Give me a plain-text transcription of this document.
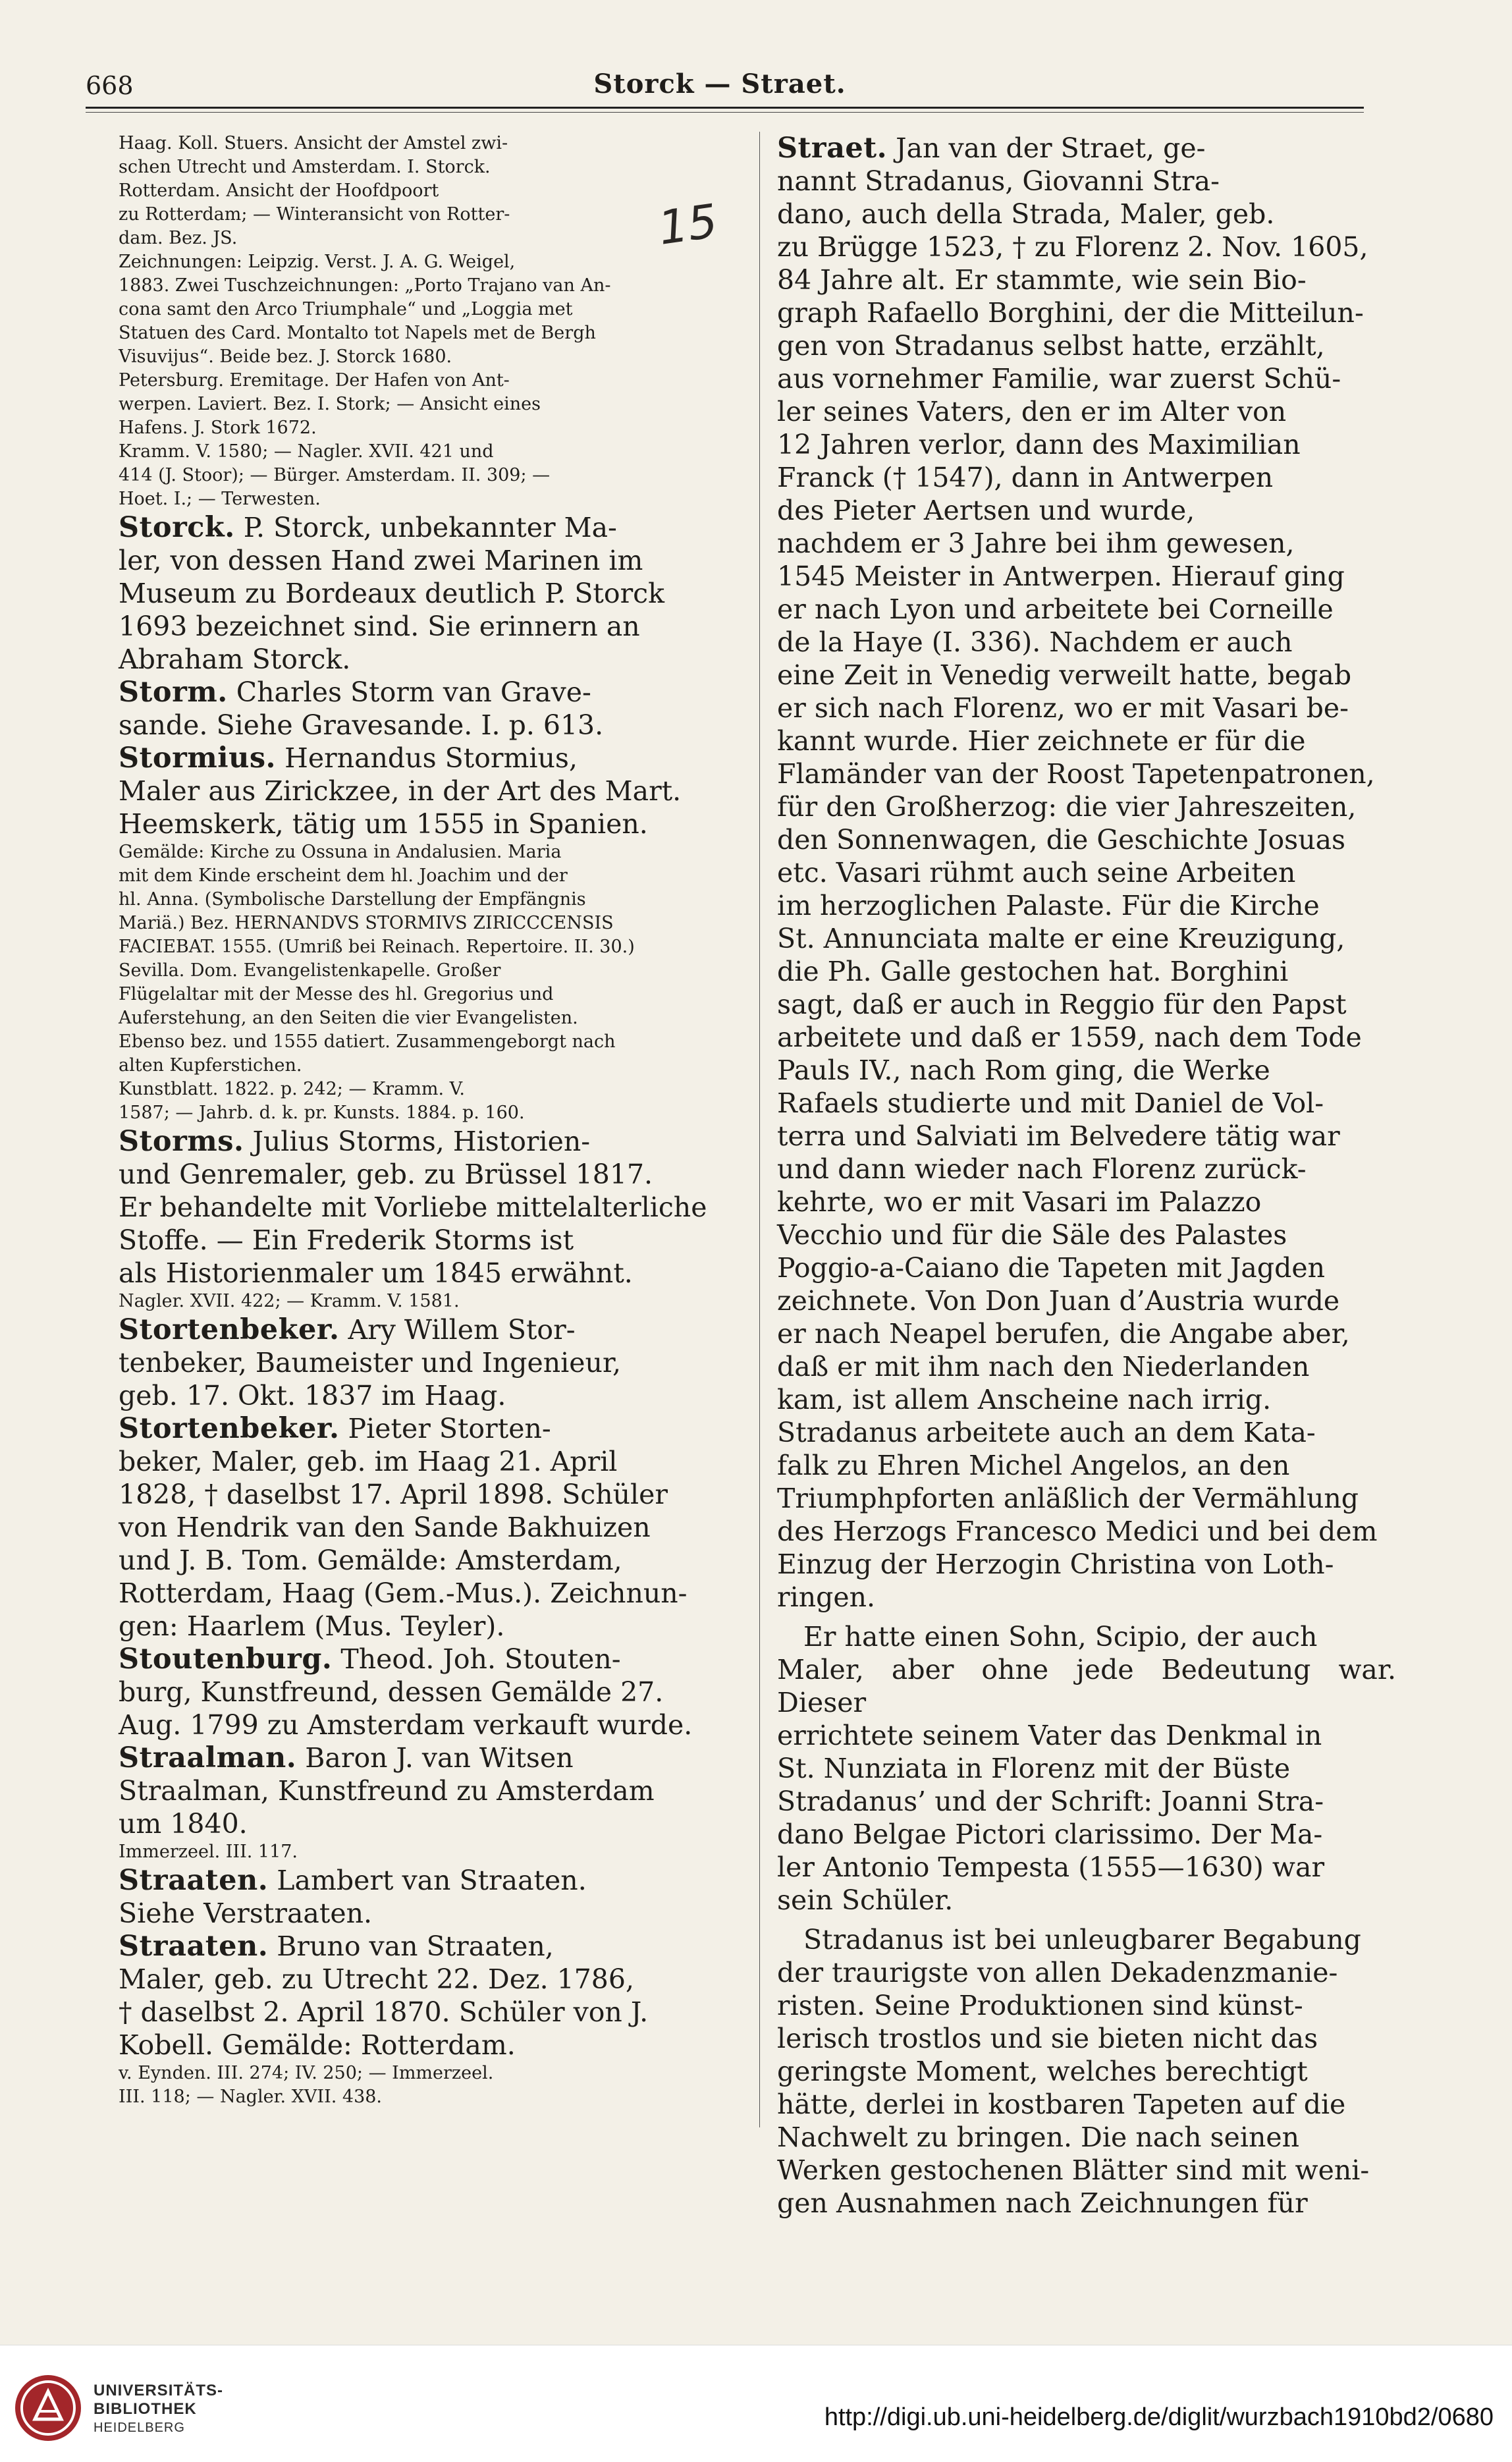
668	Storck — Straet.
15

Haag. Koll. Stuers. Ansicht der Amstel zwi-

schen Utrecht und Amsterdam. I. Storck.

Rotterdam. Ansicht der Hoofdpoort

zu Rotterdam; — Winteransicht von Rotter-

dam. Bez. JS.

Zeichnungen: Leipzig. Verst. J. A. G. Weigel,

1883. Zwei Tuschzeichnungen: „Porto Trajano van An-

cona samt den Arco Triumphale“ und „Loggia met

Statuen des Card. Montalto tot Napels met de Bergh

Visuvijus“. Beide bez. J. Storck 1680.

Petersburg. Eremitage. Der Hafen von Ant-

werpen. Laviert. Bez. I. Stork; — Ansicht eines

Hafens. J. Stork 1672.

Kramm. V. 1580; — Nagler. XVII. 421 und

414 (J. Stoor); — Bürger. Amsterdam. II. 309; —

Hoet. I.; — Terwesten.

Storck. P. Storck, unbekannter Ma-

ler, von dessen Hand zwei Marinen im

Museum zu Bordeaux deutlich P. Storck

1693 bezeichnet sind. Sie erinnern an

Abraham Storck.

Storm. Charles Storm van Grave-

sande. Siehe Gravesande. I. p. 613.

Stormius. Hernandus Stormius,

Maler aus Ziriсkzee, in der Art des Mart.

Heemskerk, tätig um 1555 in Spanien.

Gemälde: Kirche zu Ossuna in Andalusien. Maria

mit dem Kinde erscheint dem hl. Joachim und der

hl. Anna. (Symbolische Darstellung der Empfängnis

Mariä.) Bez. HERNANDVS STORMIVS ZIRICCCENSIS

FACIEBAT. 1555. (Umriß bei Reinach. Repertoire. II. 30.)

Sevilla. Dom. Evangelistenkapelle. Großer

Flügelaltar mit der Messe des hl. Gregorius und

Auferstehung, an den Seiten die vier Evangelisten.

Ebenso bez. und 1555 datiert. Zusammengeborgt nach

alten Kupferstichen.

Kunstblatt. 1822. p. 242; — Kramm. V.

1587; — Jahrb. d. k. pr. Kunsts. 1884. p. 160.

Storms. Julius Storms, Historien-

und Genremaler, geb. zu Brüssel 1817.

Er behandelte mit Vorliebe mittelalterliche

Stoffe. — Ein Frederik Storms ist

als Historienmaler um 1845 erwähnt.

Nagler. XVII. 422; — Kramm. V. 1581.

Stortenbeker. Ary Willem Stor-

tenbeker, Baumeister und Ingenieur,

geb. 17. Okt. 1837 im Haag.

Stortenbeker. Pieter Storten-

beker, Maler, geb. im Haag 21. April

1828, † daselbst 17. April 1898. Schüler

von Hendrik van den Sande Bakhuizen

und J. B. Tom. Gemälde: Amsterdam,

Rotterdam, Haag (Gem.-Mus.). Zeichnun-

gen: Haarlem (Mus. Teyler).

Stoutenburg. Theod. Joh. Stouten-

burg, Kunstfreund, dessen Gemälde 27.

Aug. 1799 zu Amsterdam verkauft wurde.

Straalman. Baron J. van Witsen

Straalman, Kunstfreund zu Amsterdam

um 1840.

Immerzeel. III. 117.

Straaten. Lambert van Straaten.

Siehe Verstraaten.

Straaten. Bruno van Straaten,

Maler, geb. zu Utrecht 22. Dez. 1786,

† daselbst 2. April 1870. Schüler von J.

Kobell. Gemälde: Rotterdam.

v. Eynden. III. 274; IV. 250; — Immerzeel.

III. 118; — Nagler. XVII. 438.

Straet. Jan van der Straet, ge-

nannt Stradanus, Giovanni Stra-

dano, auch della Strada, Maler, geb.

zu Brügge 1523, † zu Florenz 2. Nov. 1605,

84 Jahre alt. Er stammte, wie sein Bio-

graph Rafaello Borghini, der die Mitteilun-

gen von Stradanus selbst hatte, erzählt,

aus vornehmer Familie, war zuerst Schü-

ler seines Vaters, den er im Alter von

12 Jahren verlor, dann des Maximilian

Franck († 1547), dann in Antwerpen

des Pieter Aertsen und wurde,

nachdem er 3 Jahre bei ihm gewesen,

1545 Meister in Antwerpen. Hierauf ging

er nach Lyon und arbeitete bei Corneille

de la Haye (I. 336). Nachdem er auch

eine Zeit in Venedig verweilt hatte, begab

er sich nach Florenz, wo er mit Vasari be-

kannt wurde. Hier zeichnete er für die

Flamänder van der Roost Tapetenpatronen,

für den Großherzog: die vier Jahreszeiten,

den Sonnenwagen, die Geschichte Josuas

etc. Vasari rühmt auch seine Arbeiten

im herzoglichen Palaste. Für die Kirche

St. Annunciata malte er eine Kreuzigung,

die Ph. Galle gestochen hat. Borghini

sagt, daß er auch in Reggio für den Papst

arbeitete und daß er 1559, nach dem Tode

Pauls IV., nach Rom ging, die Werke

Rafaels studierte und mit Daniel de Vol-

terra und Salviati im Belvedere tätig war

und dann wieder nach Florenz zurück-

kehrte, wo er mit Vasari im Palazzo

Vecchio und für die Säle des Palastes

Poggio-a-Caiano die Tapeten mit Jagden

zeichnete. Von Don Juan d’Austria wurde

er nach Neapel berufen, die Angabe aber,

daß er mit ihm nach den Niederlanden

kam, ist allem Anscheine nach irrig.

Stradanus arbeitete auch an dem Kata-

falk zu Ehren Michel Angelos, an den

Triumphpforten anläßlich der Vermählung

des Herzogs Francesco Medici und bei dem

Einzug der Herzogin Christina von Loth-

ringen.

Er hatte einen Sohn, Scipio, der auch

Maler, aber ohne jede Bedeutung war. Dieser

errichtete seinem Vater das Denkmal in

St. Nunziata in Florenz mit der Büste

Stradanus’ und der Schrift: Joanni Stra-

dano Belgae Pictori clarissimo. Der Ma-

ler Antonio Tempesta (1555—1630) war

sein Schüler.

Stradanus ist bei unleugbarer Begabung

der traurigste von allen Dekadenzmanie-

risten. Seine Produktionen sind künst-

lerisch trostlos und sie bieten nicht das

geringste Moment, welches berechtigt

hätte, derlei in kostbaren Tapeten auf die

Nachwelt zu bringen. Die nach seinen

Werken gestochenen Blätter sind mit weni-

gen Ausnahmen nach Zeichnungen für

UNIVERSITÄTS-
BIBLIOTHEK
HEIDELBERG	http://digi.ub.uni-heidelberg.de/diglit/wurzbach1910bd2/0680
